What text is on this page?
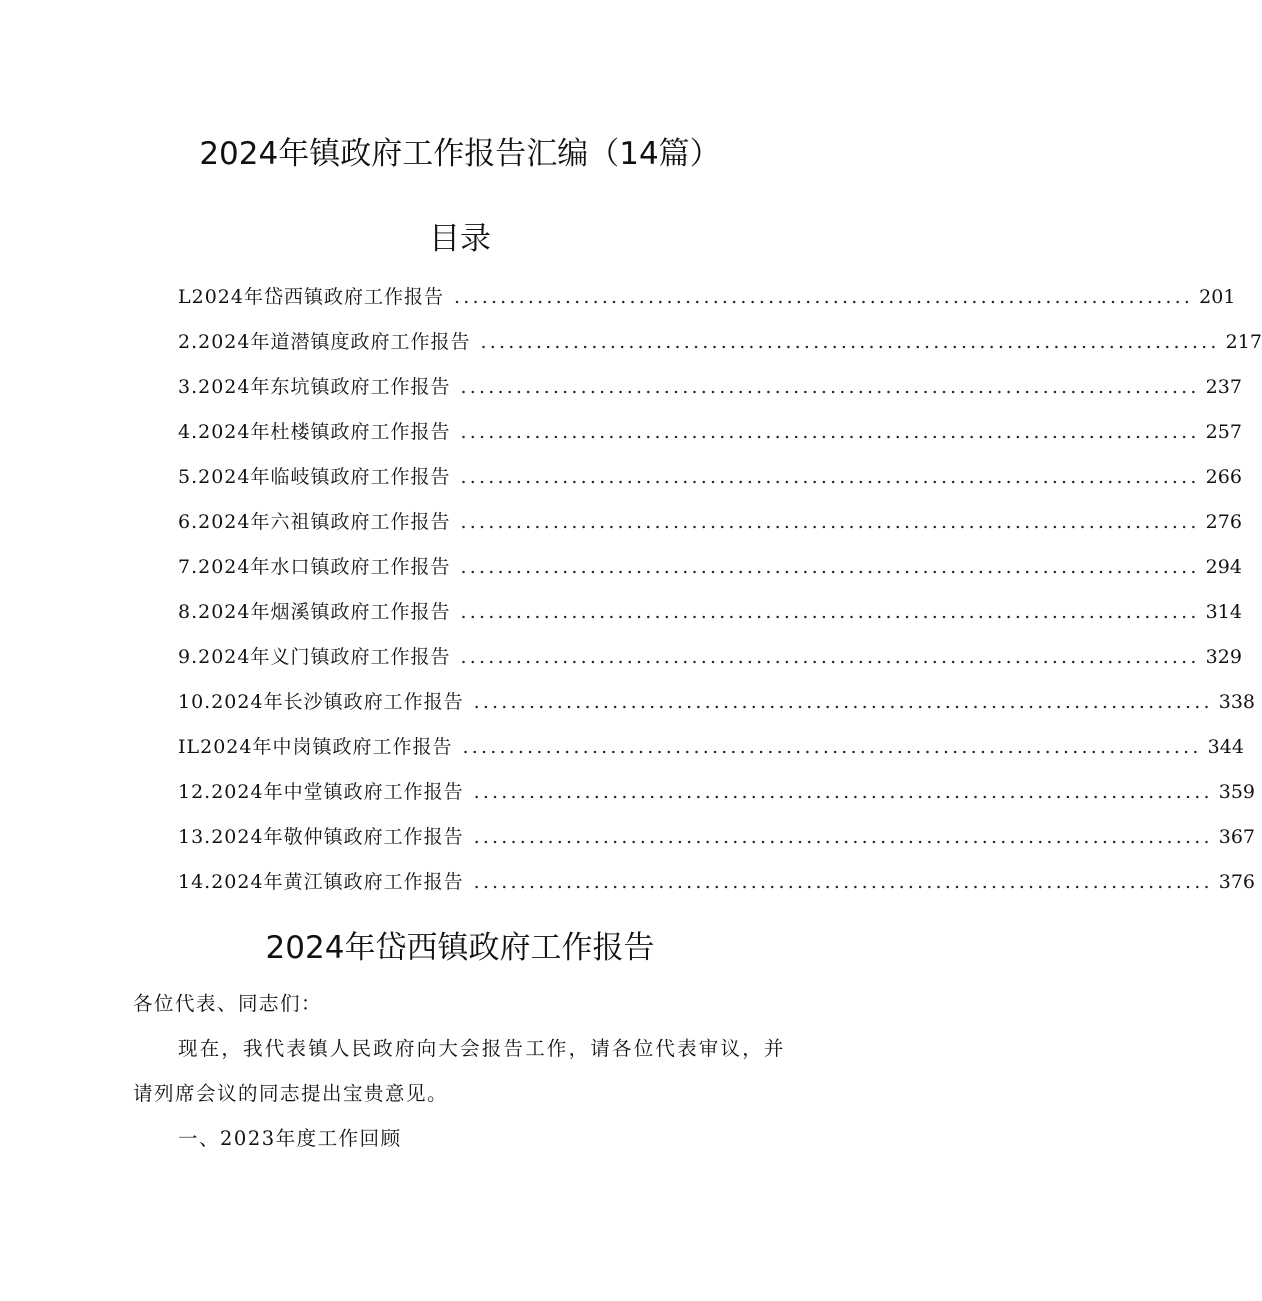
2024年镇政府工作报告汇编（14篇）
目录
L2024年岱西镇政府工作报告 ................................................................................ 201
2.2024年道潜镇度政府工作报告 ................................................................................ 217
3.2024年东坑镇政府工作报告 ................................................................................ 237
4.2024年杜楼镇政府工作报告 ................................................................................ 257
5.2024年临岐镇政府工作报告 ................................................................................ 266
6.2024年六祖镇政府工作报告 ................................................................................ 276
7.2024年水口镇政府工作报告 ................................................................................ 294
8.2024年烟溪镇政府工作报告 ................................................................................ 314
9.2024年义门镇政府工作报告 ................................................................................ 329
10.2024年长沙镇政府工作报告 ................................................................................ 338
IL2024年中岗镇政府工作报告 ................................................................................ 344
12.2024年中堂镇政府工作报告 ................................................................................ 359
13.2024年敬仲镇政府工作报告 ................................................................................ 367
14.2024年黄江镇政府工作报告 ................................................................................ 376
2024年岱西镇政府工作报告
各位代表、同志们：
现在，我代表镇人民政府向大会报告工作，请各位代表审议，并
请列席会议的同志提出宝贵意见。
一、2023年度工作回顾
